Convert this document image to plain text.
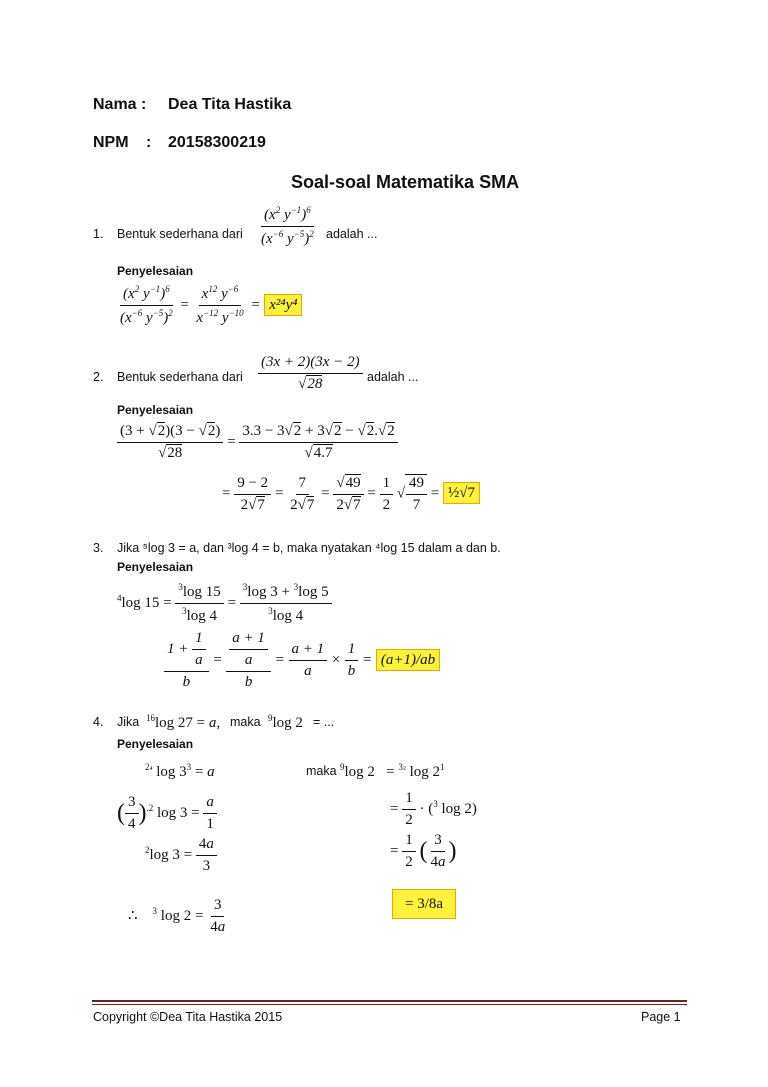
Nama : Dea Tita Hastika
NPM : 20158300219
Soal-soal Matematika SMA
1. Bentuk sederhana dari $\frac{(x^2 y^{-1})^6}{(x^{-6} y^{-5})^2}$ adalah ...
Penyelesaian
$\frac{(x^2 y^{-1})^6}{(x^{-6} y^{-5})^2} = \frac{x^{12} y^{-6}}{x^{-12} y^{-10}} = x^{24}y^4$
2. Bentuk sederhana dari $\frac{(3x + 2)(3x - 2)}{√28}$ adalah ...
Penyelesaian
$\frac{(3 + √2)(3 - √2)}{√28} = \frac{3.3 - 3√2 + 3√2 - √2.√2}{√4.7}$
= $\frac{9 - 2}{2√7} = \frac{7}{2√7} = \frac{√49}{2√7} = \frac{1}{2}$ √ $\frac{49}{7}$ = ½√7
3. Jika ⁵log 3 = a, dan ³log 4 = b, maka nyatakan ⁴log 15 dalam a dan b.
Penyelesaian
$^4$log $15 = \frac{^3\log 15}{^3\log 4} = \frac{^3\log 3 + ^3\log 5}{^3\log 4}$
$\frac{1 + \frac{1}{a}}{b} = \frac{\frac{a + 1}{a}}{b} = \frac{a + 1}{a} \times \frac{1}{b} = (a+1)/ab$
4. Jika $^{16}$log 27 = a, maka $^9$log 2 = ...
Penyelesaian
$^{24}$ $\log 3^3 = a$
( $\frac{3}{4} )^{.2}$ $\log 3 = \frac{a}{1}$
$^2$log $3 = \frac{4a}{3}$
∴    $^3$ $\log 2 = \frac{3}{4a}$
maka $^9$log 2   = $^{32}$ $\log 2^1$
= $\frac{1}{2} \cdot (^3$ log 2)
= $\frac{1}{2}$ ( $\frac{3}{4a}$ )
= 3/8a
Copyright ©Dea Tita Hastika 2015	Page 1
